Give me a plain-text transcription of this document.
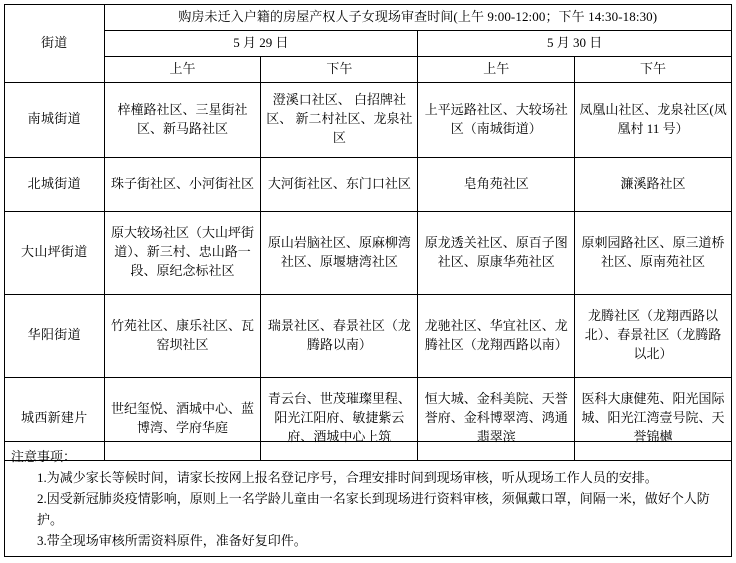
街道	购房未迁入户籍的房屋产权人子女现场审查时间(上午 9:00-12:00；下午 14:30-18:30)			
	5 月 29 日		5 月 30 日	
	上午	下午	上午	下午
南城街道	梓橦路社区、三星街社区、新马路社区	澄溪口社区、 白招牌社区、 新二村社区、龙泉社区	上平远路社区、大较场社区（南城街道）	凤凰山社区、龙泉社区(凤凰村 11 号）
北城街道	珠子街社区、小河街社区	大河街社区、东门口社区	皂角苑社区	濂溪路社区
大山坪街道	原大较场社区（大山坪街道）、新三村、忠山路一段、原纪念标社区	原山岩脑社区、原麻柳湾社区、原堰塘湾社区	原龙透关社区、原百子图社区、原康华苑社区	原刺园路社区、原三道桥社区、原南苑社区
华阳街道	竹苑社区、康乐社区、瓦窑坝社区	瑞景社区、春景社区（龙腾路以南）	龙驰社区、华宜社区、龙腾社区（龙翔西路以南）	龙腾社区（龙翔西路以北）、春景社区（龙腾路以北）
城西新建片	世纪玺悦、酒城中心、蓝博湾、学府华庭	青云台、世茂璀璨里程、阳光江阳府、敏捷紫云府、酒城中心上筑	恒大城、金科美院、天誉誉府、金科博翠湾、鸿通翡翠滨	医科大康健苑、阳光国际城、阳光江湾壹号院、天誉锦樾
注意事项：
1.为减少家长等候时间，请家长按网上报名登记序号，合理安排时间到现场审核，听从现场工作人员的安排。
2.因受新冠肺炎疫情影响，原则上一名学龄儿童由一名家长到现场进行资料审核，须佩戴口罩，间隔一米，做好个人防护。
3.带全现场审核所需资料原件，准备好复印件。
